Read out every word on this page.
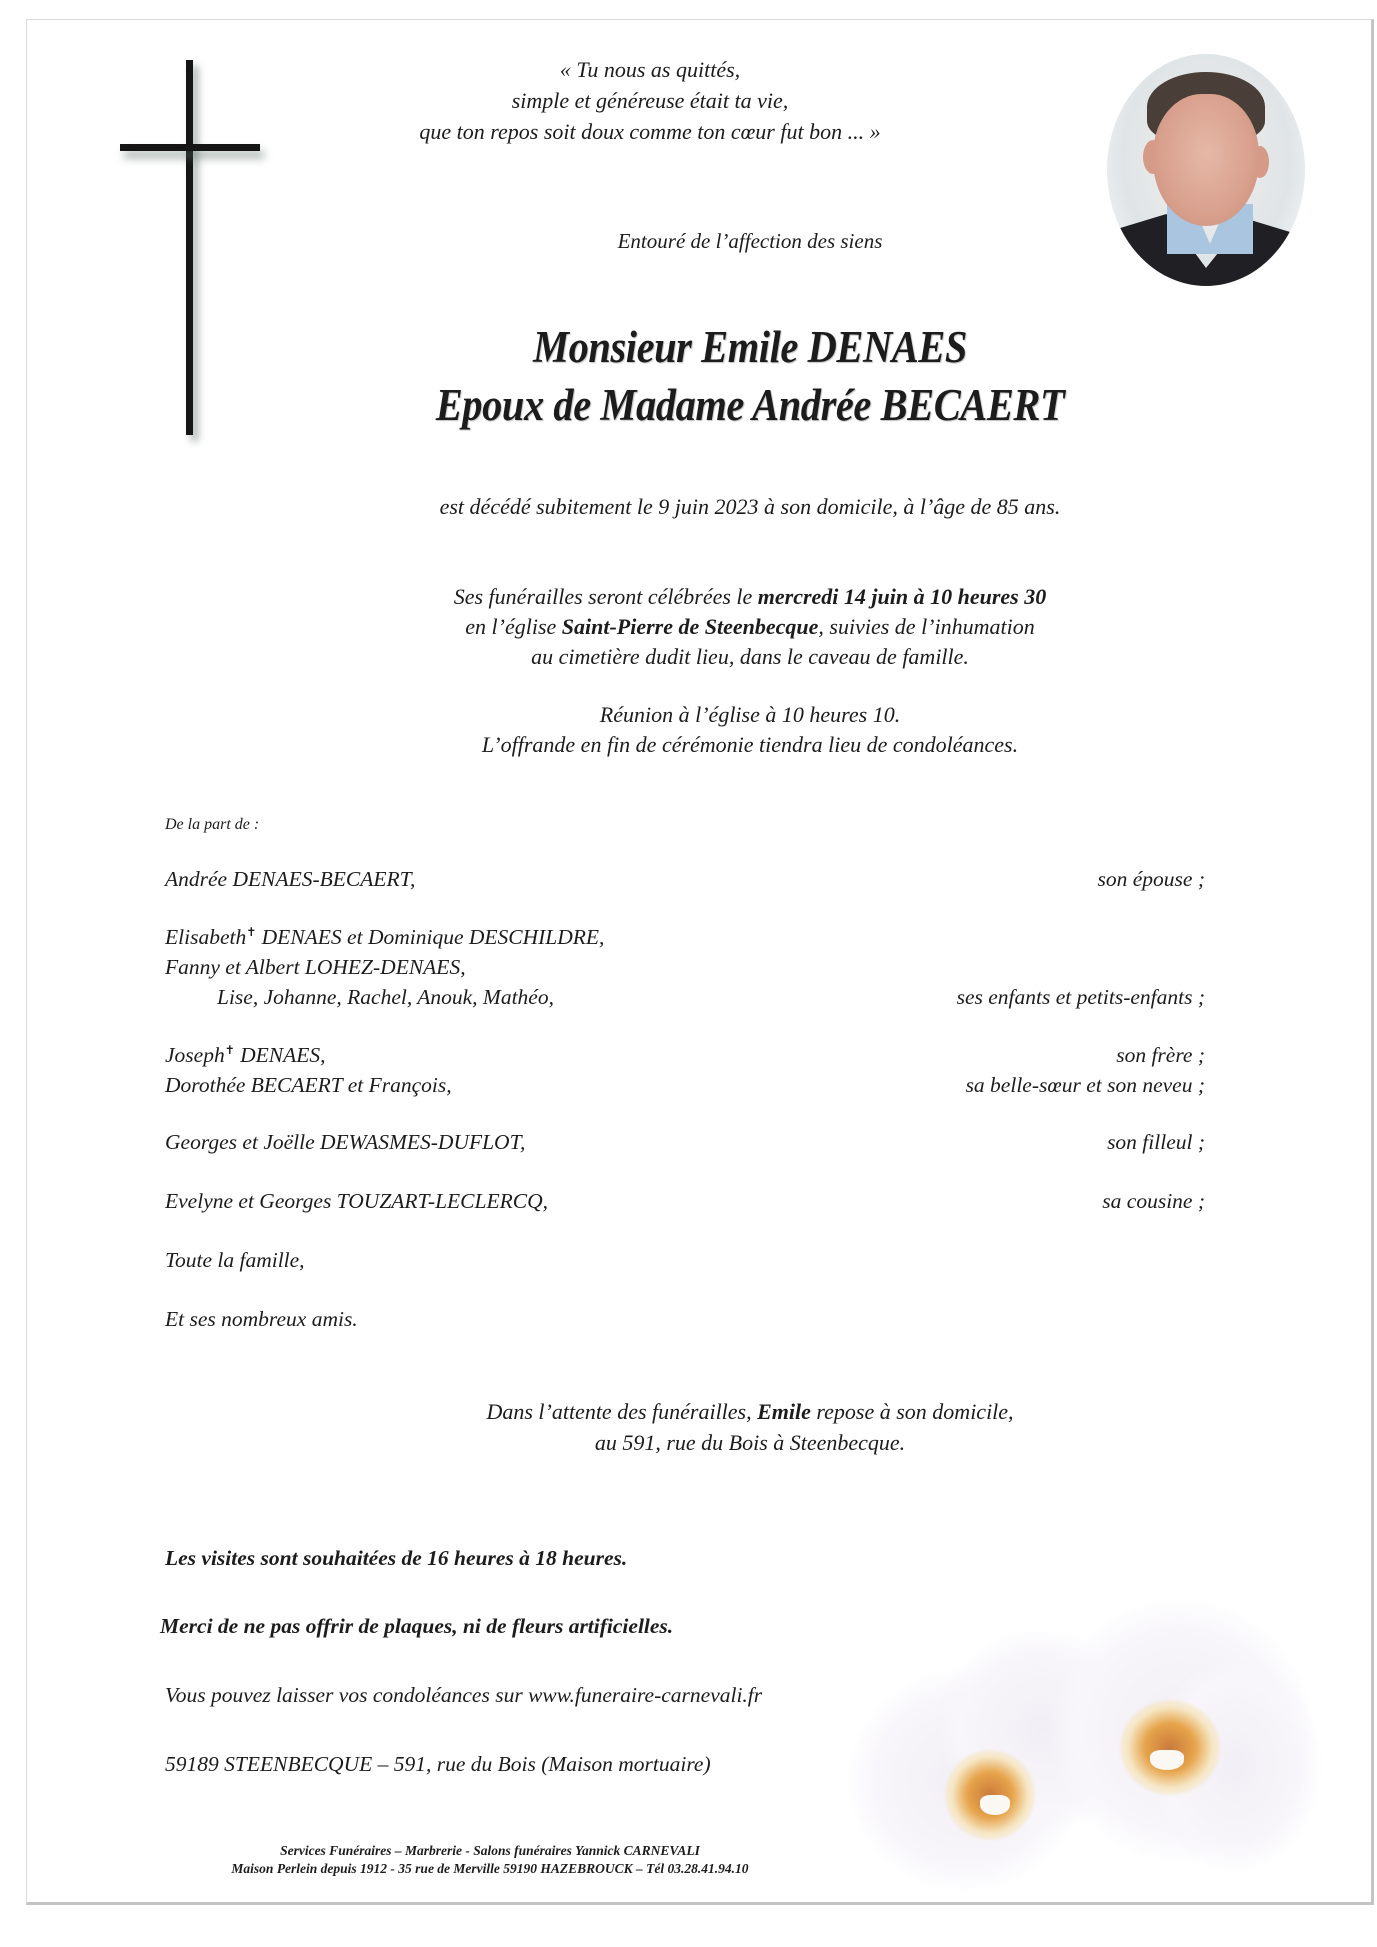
« Tu nous as quittés,
simple et généreuse était ta vie,
que ton repos soit doux comme ton cœur fut bon ... »
Entouré de l’affection des siens
Monsieur Emile DENAES
Epoux de Madame Andrée BECAERT
est décédé subitement le 9 juin 2023 à son domicile, à l’âge de 85 ans.
Ses funérailles seront célébrées le mercredi 14 juin à 10 heures 30
en l’église Saint-Pierre de Steenbecque, suivies de l’inhumation
au cimetière dudit lieu, dans le caveau de famille.
Réunion à l’église à 10 heures 10.
L’offrande en fin de cérémonie tiendra lieu de condoléances.
De la part de :
Andrée DENAES-BECAERT,	son épouse ;
Elisabeth✝ DENAES et Dominique DESCHILDRE,
Fanny et Albert LOHEZ-DENAES,
Lise, Johanne, Rachel, Anouk, Mathéo,	ses enfants et petits-enfants ;
Joseph✝ DENAES,	son frère ;
Dorothée BECAERT et François,	sa belle-sœur et son neveu ;
Georges et Joëlle DEWASMES-DUFLOT,	son filleul ;
Evelyne et Georges TOUZART-LECLERCQ,	sa cousine ;
Toute la famille,
Et ses nombreux amis.
Dans l’attente des funérailles, Emile repose à son domicile,
au 591, rue du Bois à Steenbecque.
Les visites sont souhaitées de 16 heures à 18 heures.
Merci de ne pas offrir de plaques, ni de fleurs artificielles.
Vous pouvez laisser vos condoléances sur www.funeraire-carnevali.fr
59189 STEENBECQUE – 591, rue du Bois (Maison mortuaire)
Services Funéraires – Marbrerie - Salons funéraires Yannick CARNEVALI
Maison Perlein depuis 1912 - 35 rue de Merville 59190 HAZEBROUCK – Tél 03.28.41.94.10
